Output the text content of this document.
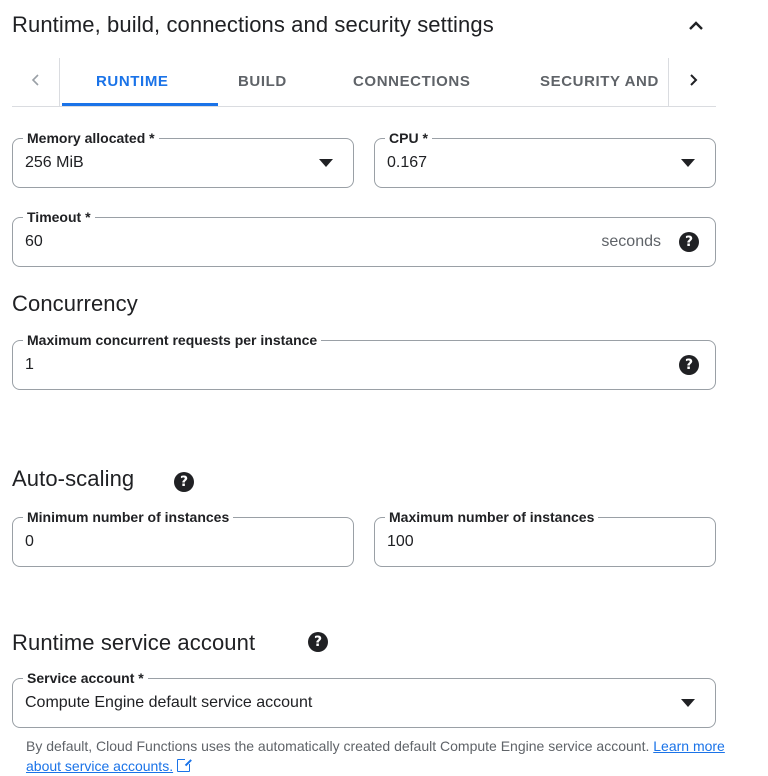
Runtime, build, connections and security settings
RUNTIME	BUILD	CONNECTIONS	SECURITY AND
Memory allocated *
256 MiB
CPU *
0.167
Timeout *
60	seconds	?
Concurrency
Maximum concurrent requests per instance
1	?
Auto-scaling	?
Minimum number of instances
0
Maximum number of instances
100
Runtime service account	?
Service account *
Compute Engine default service account
By default, Cloud Functions uses the automatically created default Compute Engine service account. Learn more about service accounts.
